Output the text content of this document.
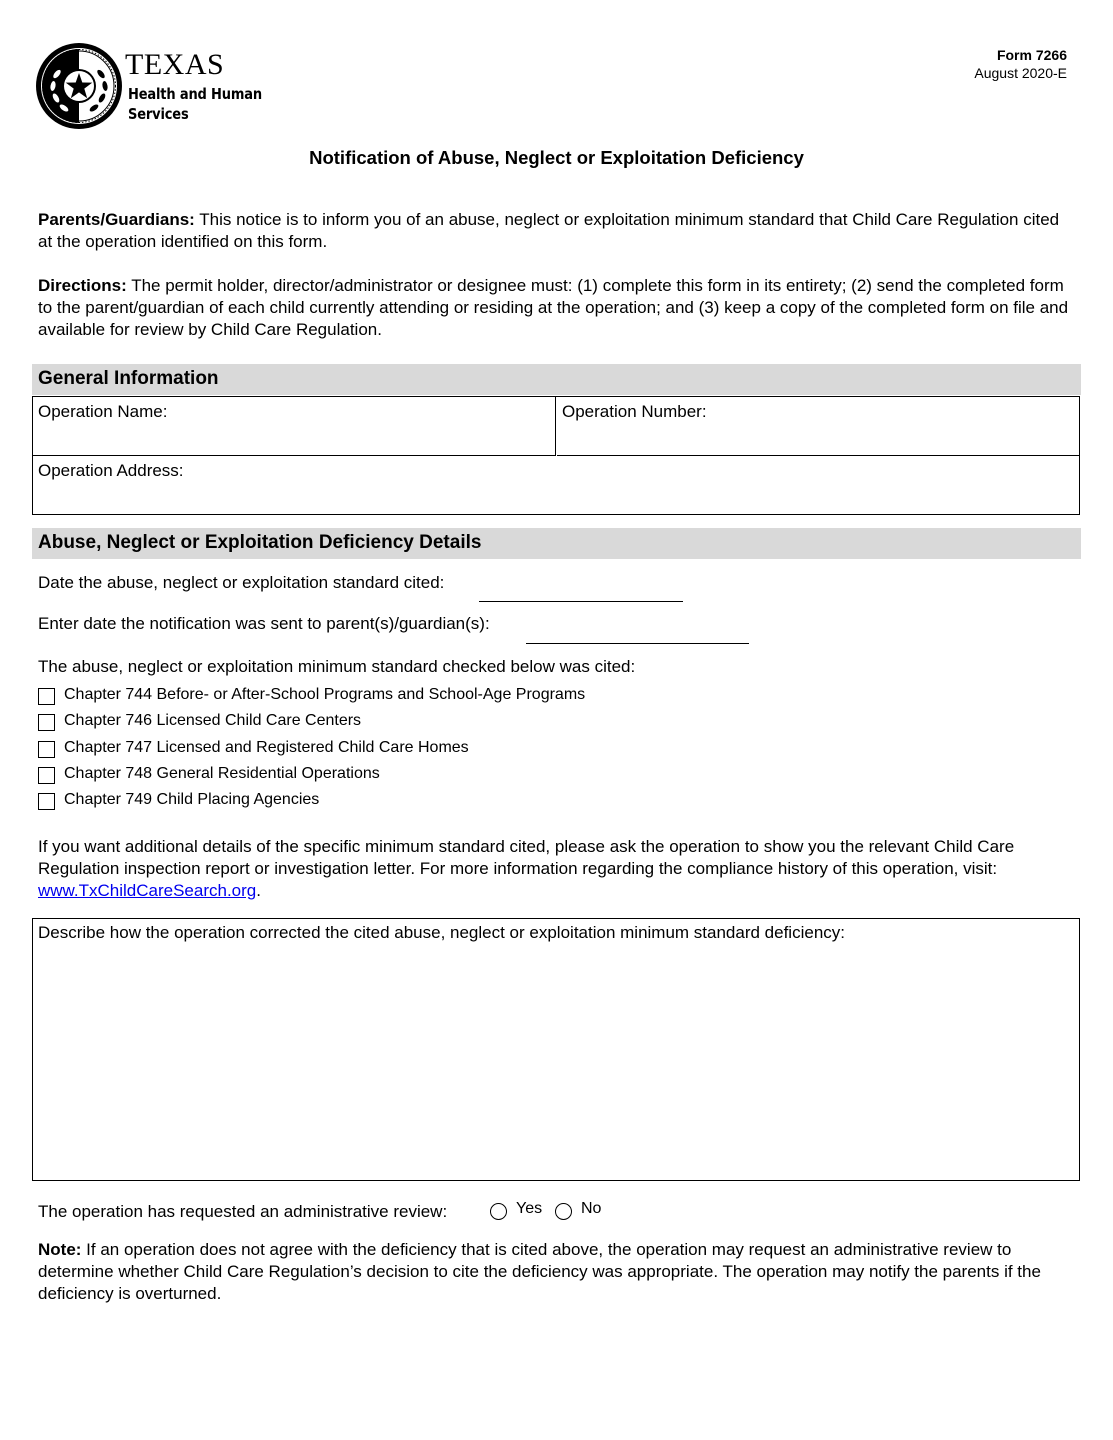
TEXAS
Health and Human
Services
Form 7266
August 2020-E
Notification of Abuse, Neglect or Exploitation Deficiency
Parents/Guardians: This notice is to inform you of an abuse, neglect or exploitation minimum standard that Child Care Regulation cited at the operation identified on this form.
Directions: The permit holder, director/administrator or designee must: (1) complete this form in its entirety; (2) send the completed form to the parent/guardian of each child currently attending or residing at the operation; and (3) keep a copy of the completed form on file and available for review by Child Care Regulation.
General Information
Operation Name:	Operation Number:
Operation Address:
Abuse, Neglect or Exploitation Deficiency Details
Date the abuse, neglect or exploitation standard cited:
Enter date the notification was sent to parent(s)/guardian(s):
The abuse, neglect or exploitation minimum standard checked below was cited:
Chapter 744 Before- or After-School Programs and School-Age Programs
Chapter 746 Licensed Child Care Centers
Chapter 747 Licensed and Registered Child Care Homes
Chapter 748 General Residential Operations
Chapter 749 Child Placing Agencies
If you want additional details of the specific minimum standard cited, please ask the operation to show you the relevant Child Care Regulation inspection report or investigation letter. For more information regarding the compliance history of this operation, visit: www.TxChildCareSearch.org.
Describe how the operation corrected the cited abuse, neglect or exploitation minimum standard deficiency:
The operation has requested an administrative review:	Yes No
Note: If an operation does not agree with the deficiency that is cited above, the operation may request an administrative review to determine whether Child Care Regulation’s decision to cite the deficiency was appropriate. The operation may notify the parents if the deficiency is overturned.
